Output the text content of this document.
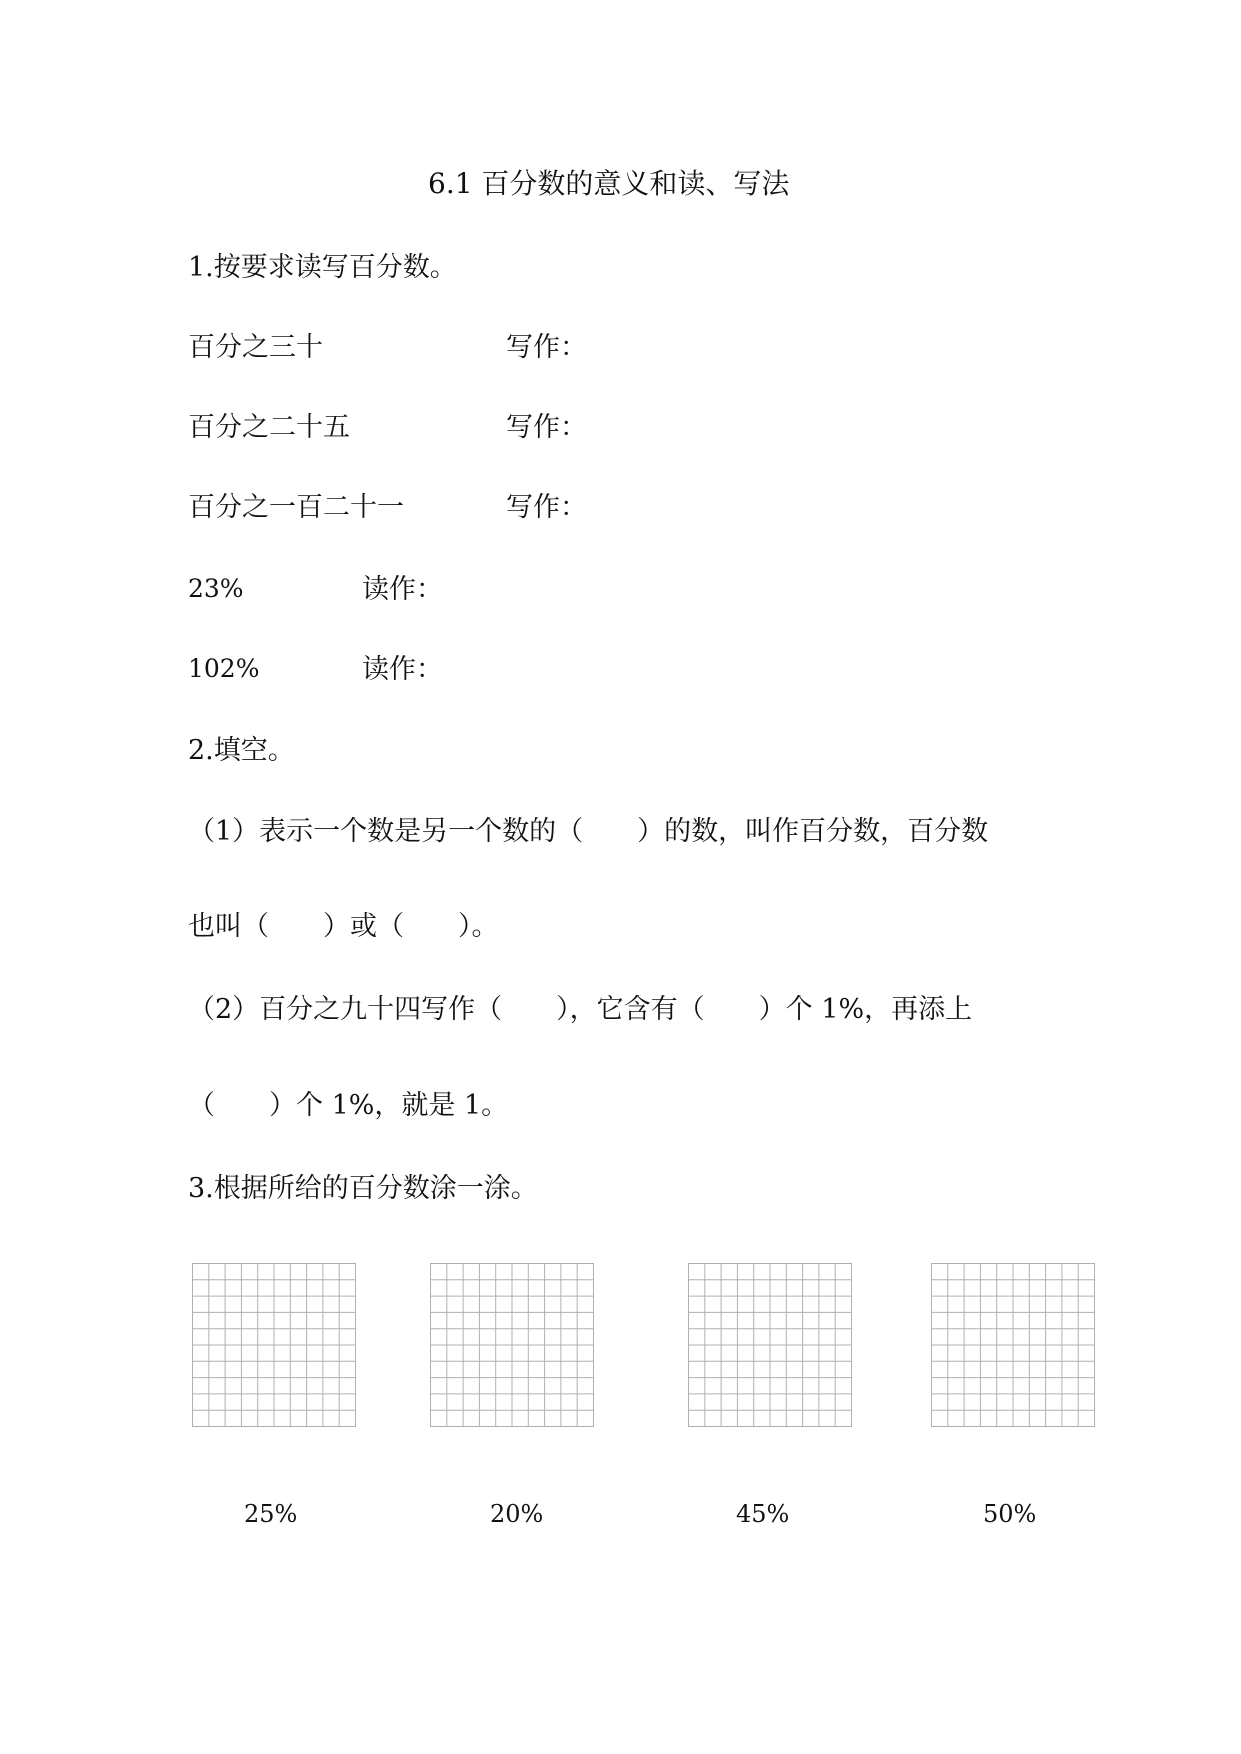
6.1 百分数的意义和读、写法
1.按要求读写百分数。
百分之三十	写作：
百分之二十五	写作：
百分之一百二十一	写作：
23%	读作：
102%	读作：
2.填空。
（1）表示一个数是另一个数的（　　）的数，叫作百分数，百分数
也叫（　　）或（　　）。
（2）百分之九十四写作（　　），它含有（　　）个 1%，再添上
（　　）个 1%，就是 1。
3.根据所给的百分数涂一涂。
25%	20%	45%	50%
